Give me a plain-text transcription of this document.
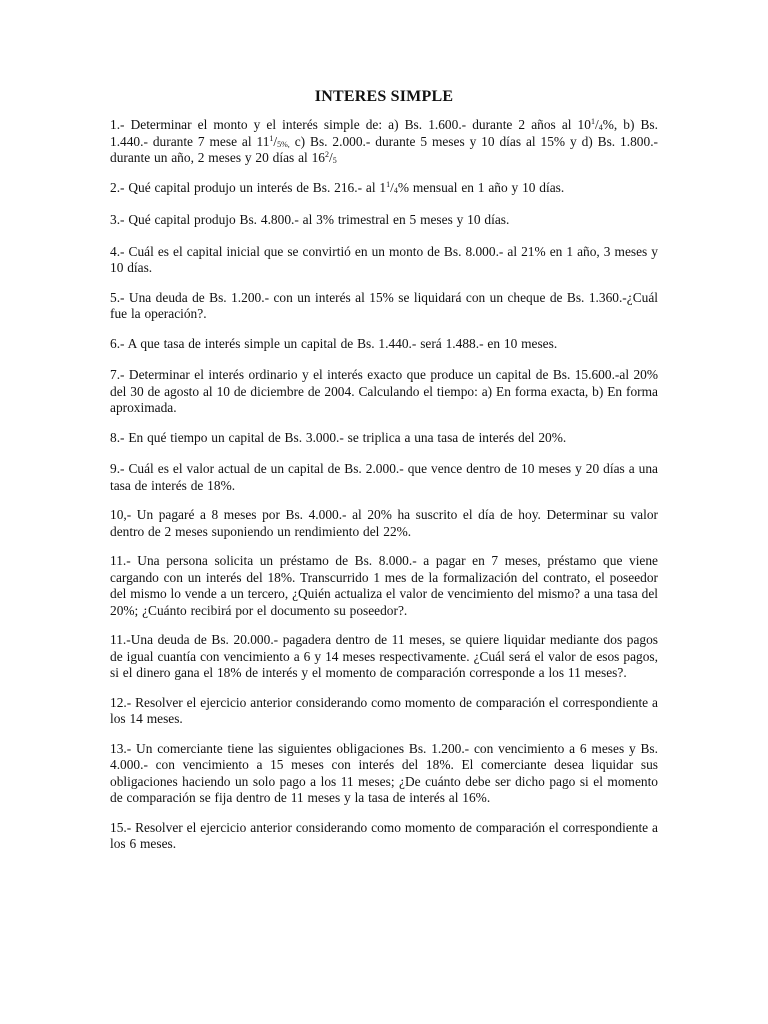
INTERES SIMPLE

1.- Determinar el monto y el interés simple de: a) Bs. 1.600.- durante 2 años al $10^1/_4\%$, b) Bs. 1.440.- durante 7 mese al $11^1/_{5\%,}$ c) Bs. 2.000.- durante 5 meses y 10 días al 15% y d) Bs. 1.800.- durante un año, 2 meses y 20 días al $16^2/_5$

2.- Qué capital produjo un interés de Bs. 216.- al $1^1/_4\%$ mensual en 1 año y 10 días.

3.- Qué capital produjo Bs. 4.800.- al 3% trimestral en 5 meses y 10 días.

4.- Cuál es el capital inicial que se convirtió en un monto de Bs. 8.000.- al 21% en 1 año, 3 meses y 10 días.

5.- Una deuda de Bs. 1.200.- con un interés al 15% se liquidará con un cheque de Bs. 1.360.-¿Cuál fue la operación?.

6.- A que tasa de interés simple un capital de Bs. 1.440.- será 1.488.- en 10 meses.

7.- Determinar el interés ordinario y el interés exacto que produce un capital de Bs. 15.600.-al 20% del 30 de agosto al 10 de diciembre de 2004. Calculando el tiempo: a) En forma exacta, b) En forma aproximada.

8.- En qué tiempo un capital de Bs. 3.000.- se triplica a una tasa de interés del 20%.

9.- Cuál es el valor actual de un capital de Bs. 2.000.- que vence dentro de 10 meses y 20 días a una tasa de interés de 18%.

10,- Un pagaré a 8 meses por Bs. 4.000.- al 20% ha suscrito el día de hoy. Determinar su valor dentro de 2 meses suponiendo un rendimiento del 22%.

11.- Una persona solicita un préstamo de Bs. 8.000.- a pagar en 7 meses, préstamo que viene cargando con un interés del 18%. Transcurrido 1 mes de la formalización del contrato, el poseedor del mismo lo vende a un tercero, ¿Quién actualiza el valor de vencimiento del mismo? a una tasa del 20%; ¿Cuánto recibirá por el documento su poseedor?.

11.-Una deuda de Bs. 20.000.- pagadera dentro de 11 meses, se quiere liquidar mediante dos pagos de igual cuantía con vencimiento a 6 y 14 meses respectivamente. ¿Cuál será el valor de esos pagos, si el dinero gana el 18% de interés y el momento de comparación corresponde a los 11 meses?.

12.- Resolver el ejercicio anterior considerando como momento de comparación el correspondiente a los 14 meses.

13.- Un comerciante tiene las siguientes obligaciones Bs. 1.200.- con vencimiento a 6 meses y Bs. 4.000.- con vencimiento a 15 meses con interés del 18%. El comerciante desea liquidar sus obligaciones haciendo un solo pago a los 11 meses; ¿De cuánto debe ser dicho pago si el momento de comparación se fija dentro de 11 meses y la tasa de interés al 16%.

15.- Resolver el ejercicio anterior considerando como momento de comparación el correspondiente a los 6 meses.
